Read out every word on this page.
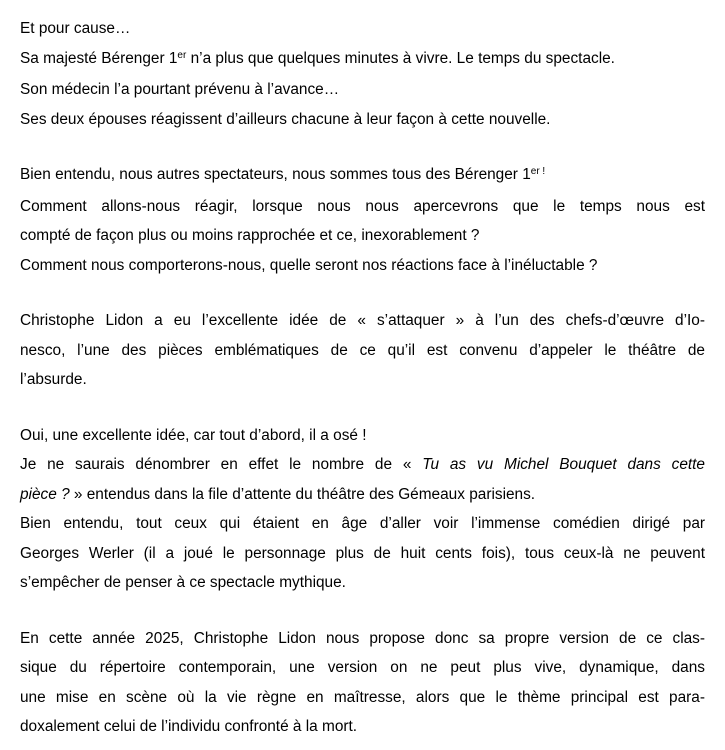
Et pour cause…
Sa majesté Bérenger 1er n’a plus que quelques minutes à vivre. Le temps du spectacle.
Son médecin l’a pourtant prévenu à l’avance…
Ses deux épouses réagissent d’ailleurs chacune à leur façon à cette nouvelle.

Bien entendu, nous autres spectateurs, nous sommes tous des Bérenger $1^{er !}$
Comment allons-nous réagir, lorsque nous nous apercevrons que le temps nous est
compté de façon plus ou moins rapprochée et ce, inexorablement ?
Comment nous comporterons-nous, quelle seront nos réactions face à l’inéluctable ?

Christophe Lidon a eu l’excellente idée de « s’attaquer » à l’un des chefs-d’œuvre d’Io-
nesco, l’une des pièces emblématiques de ce qu’il est convenu d’appeler le théâtre de
l’absurde.

Oui, une excellente idée, car tout d’abord, il a osé !
Je ne saurais dénombrer en effet le nombre de « Tu as vu Michel Bouquet dans cette
pièce ? » entendus dans la file d’attente du théâtre des Gémeaux parisiens.
Bien entendu, tout ceux qui étaient en âge d’aller voir l’immense comédien dirigé par
Georges Werler (il a joué le personnage plus de huit cents fois), tous ceux-là ne peuvent
s’empêcher de penser à ce spectacle mythique.

En cette année 2025, Christophe Lidon nous propose donc sa propre version de ce clas-
sique du répertoire contemporain, une version on ne peut plus vive, dynamique, dans
une mise en scène où la vie règne en maîtresse, alors que le thème principal est para-
doxalement celui de l’individu confronté à la mort.
